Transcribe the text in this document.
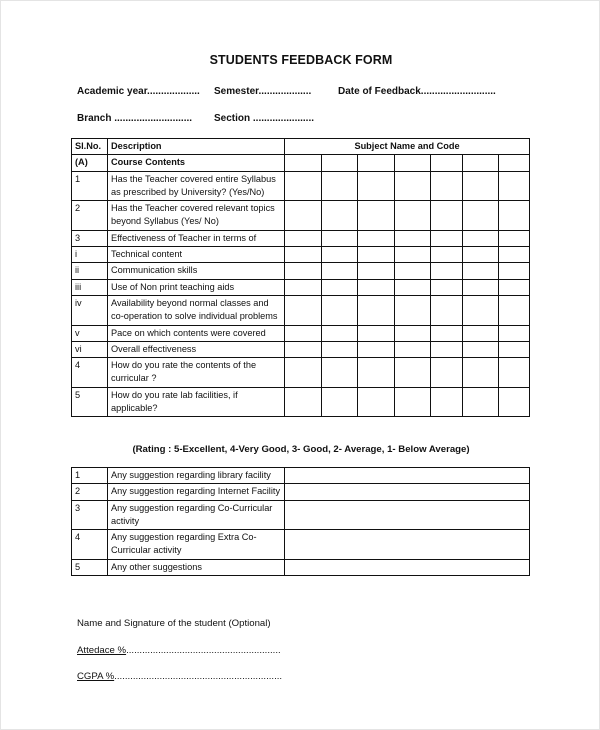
STUDENTS FEEDBACK FORM
Academic year................... Semester...................	Date of Feedback...........................
Branch ............................ Section ......................
Sl.No.	Description	Subject Name and Code						
(A)	Course Contents							
1	Has the Teacher covered entire Syllabus as prescribed by University? (Yes/No)							
2	Has the Teacher covered relevant topics beyond Syllabus (Yes/ No)							
3	Effectiveness of Teacher in terms of							
i	Technical content							
ii	Communication skills							
iii	Use of Non print teaching aids							
iv	Availability beyond normal classes and co-operation to solve individual problems							
v	Pace on which contents were covered							
vi	Overall effectiveness							
4	How do you rate the contents of the curricular ?							
5	How do you rate lab facilities, if applicable?							
(Rating : 5-Excellent, 4-Very Good, 3- Good, 2- Average, 1- Below Average)
1	Any suggestion regarding library facility	
2	Any suggestion regarding Internet Facility	
3	Any suggestion regarding Co-Curricular activity	
4	Any suggestion regarding Extra Co-Curricular activity	
5	Any other suggestions	
Name and Signature of the student (Optional)
Attedace %..........................................................
CGPA %...............................................................
